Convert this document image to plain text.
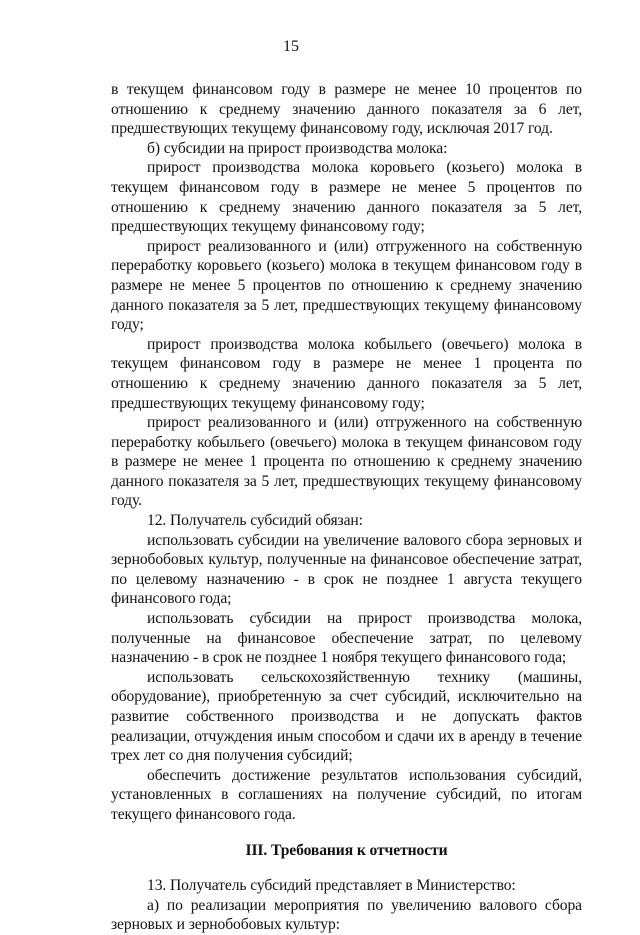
15

в текущем финансовом году в размере не менее 10 процентов по отношению к среднему значению данного показателя за 6 лет, предшествующих текущему финансовому году, исключая 2017 год.

б) субсидии на прирост производства молока:

прирост производства молока коровьего (козьего) молока в текущем финансовом году в размере не менее 5 процентов по отношению к среднему значению данного показателя за 5 лет, предшествующих текущему финансовому году;

прирост реализованного и (или) отгруженного на собственную переработку коровьего (козьего) молока в текущем финансовом году в размере не менее 5 процентов по отношению к среднему значению данного показателя за 5 лет, предшествующих текущему финансовому году;

прирост производства молока кобыльего (овечьего) молока в текущем финансовом году в размере не менее 1 процента по отношению к среднему значению данного показателя за 5 лет, предшествующих текущему финансовому году;

прирост реализованного и (или) отгруженного на собственную переработку кобыльего (овечьего) молока в текущем финансовом году в размере не менее 1 процента по отношению к среднему значению данного показателя за 5 лет, предшествующих текущему финансовому году.

12. Получатель субсидий обязан:

использовать субсидии на увеличение валового сбора зерновых и зернобобовых культур, полученные на финансовое обеспечение затрат, по целевому назначению - в срок не позднее 1 августа текущего финансового года;

использовать субсидии на прирост производства молока, полученные на финансовое обеспечение затрат, по целевому назначению - в срок не позднее 1 ноября текущего финансового года;

использовать сельскохозяйственную технику (машины, оборудование), приобретенную за счет субсидий, исключительно на развитие собственного производства и не допускать фактов реализации, отчуждения иным способом и сдачи их в аренду в течение трех лет со дня получения субсидий;

обеспечить достижение результатов использования субсидий, установленных в соглашениях на получение субсидий, по итогам текущего финансового года.

III. Требования к отчетности

13. Получатель субсидий представляет в Министерство:

а) по реализации мероприятия по увеличению валового сбора зерновых и зернобобовых культур:
